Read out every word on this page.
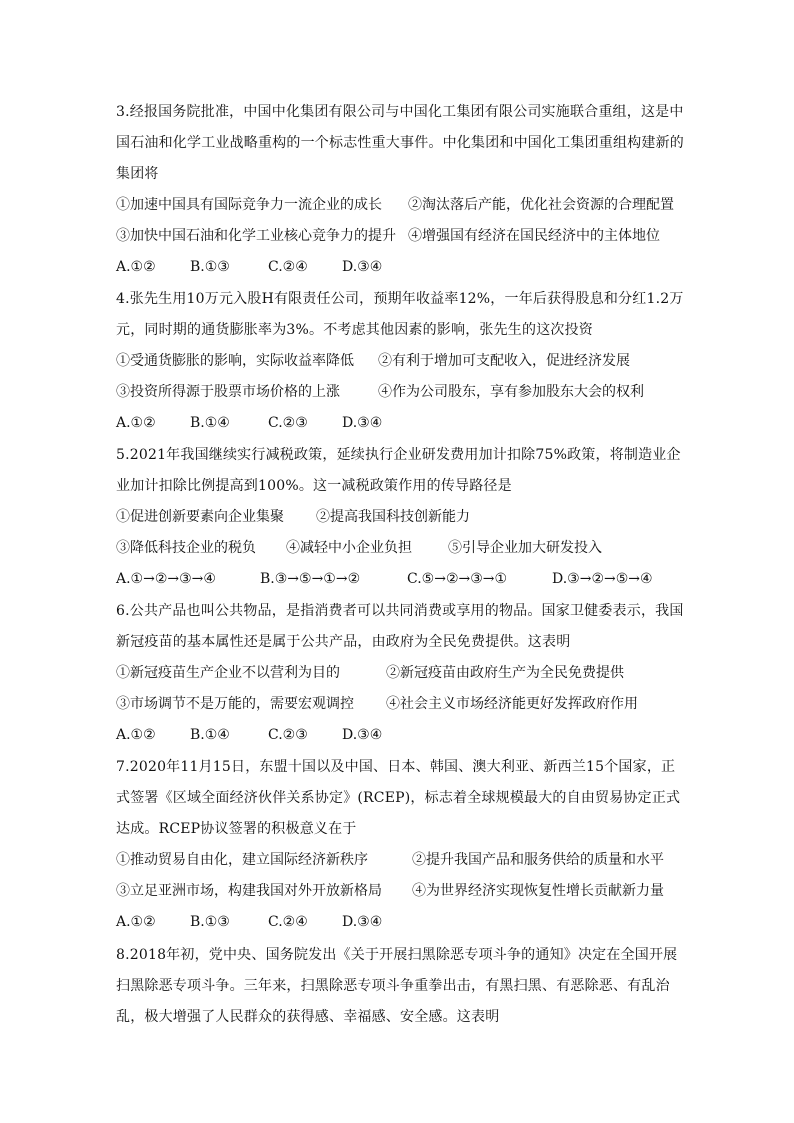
3.经报国务院批准，中国中化集团有限公司与中国化工集团有限公司实施联合重组，这是中国石油和化学工业战略重构的一个标志性重大事件。中化集团和中国化工集团重组构建新的集团将

①加速中国具有国际竞争力一流企业的成长 ②淘汰落后产能，优化社会资源的合理配置
③加快中国石油和化学工业核心竞争力的提升 ④增强国有经济在国民经济中的主体地位
A.①② B.①③	C.②④ D.③④

4.张先生用10万元入股H有限责任公司，预期年收益率12%，一年后获得股息和分红1.2万元，同时期的通货膨胀率为3%。不考虑其他因素的影响，张先生的这次投资

①受通货膨胀的影响，实际收益率降低 ②有利于增加可支配收入，促进经济发展
③投资所得源于股票市场价格的上涨	④作为公司股东，享有参加股东大会的权利
A.①② B.①④	C.②③ D.③④

5.2021年我国继续实行减税政策，延续执行企业研发费用加计扣除75%政策，将制造业企业加计扣除比例提高到100%。这一减税政策作用的传导路径是

①促进创新要素向企业集聚 ②提高我国科技创新能力
③降低科技企业的税负 ④减轻中小企业负担	⑤引导企业加大研发投入
A.①→②→③→④	B.③→⑤→①→②	C.⑤→②→③→①	D.③→②→⑤→④

6.公共产品也叫公共物品，是指消费者可以共同消费或享用的物品。国家卫健委表示，我国新冠疫苗的基本属性还是属于公共产品，由政府为全民免费提供。这表明

①新冠疫苗生产企业不以营利为目的	②新冠疫苗由政府生产为全民免费提供
③市场调节不是万能的，需要宏观调控 ④社会主义市场经济能更好发挥政府作用
A.①② B.①④	C.②③ D.③④

7.2020年11月15日，东盟十国以及中国、日本、韩国、澳大利亚、新西兰15个国家，正式签署《区域全面经济伙伴关系协定》(RCEP)，标志着全球规模最大的自由贸易协定正式达成。RCEP协议签署的积极意义在于

①推动贸易自由化，建立国际经济新秩序	②提升我国产品和服务供给的质量和水平
③立足亚洲市场，构建我国对外开放新格局 ④为世界经济实现恢复性增长贡献新力量
A.①② B.①③	C.②④ D.③④

8.2018年初，党中央、国务院发出《关于开展扫黑除恶专项斗争的通知》决定在全国开展扫黑除恶专项斗争。三年来，扫黑除恶专项斗争重拳出击，有黑扫黑、有恶除恶、有乱治乱，极大增强了人民群众的获得感、幸福感、安全感。这表明
